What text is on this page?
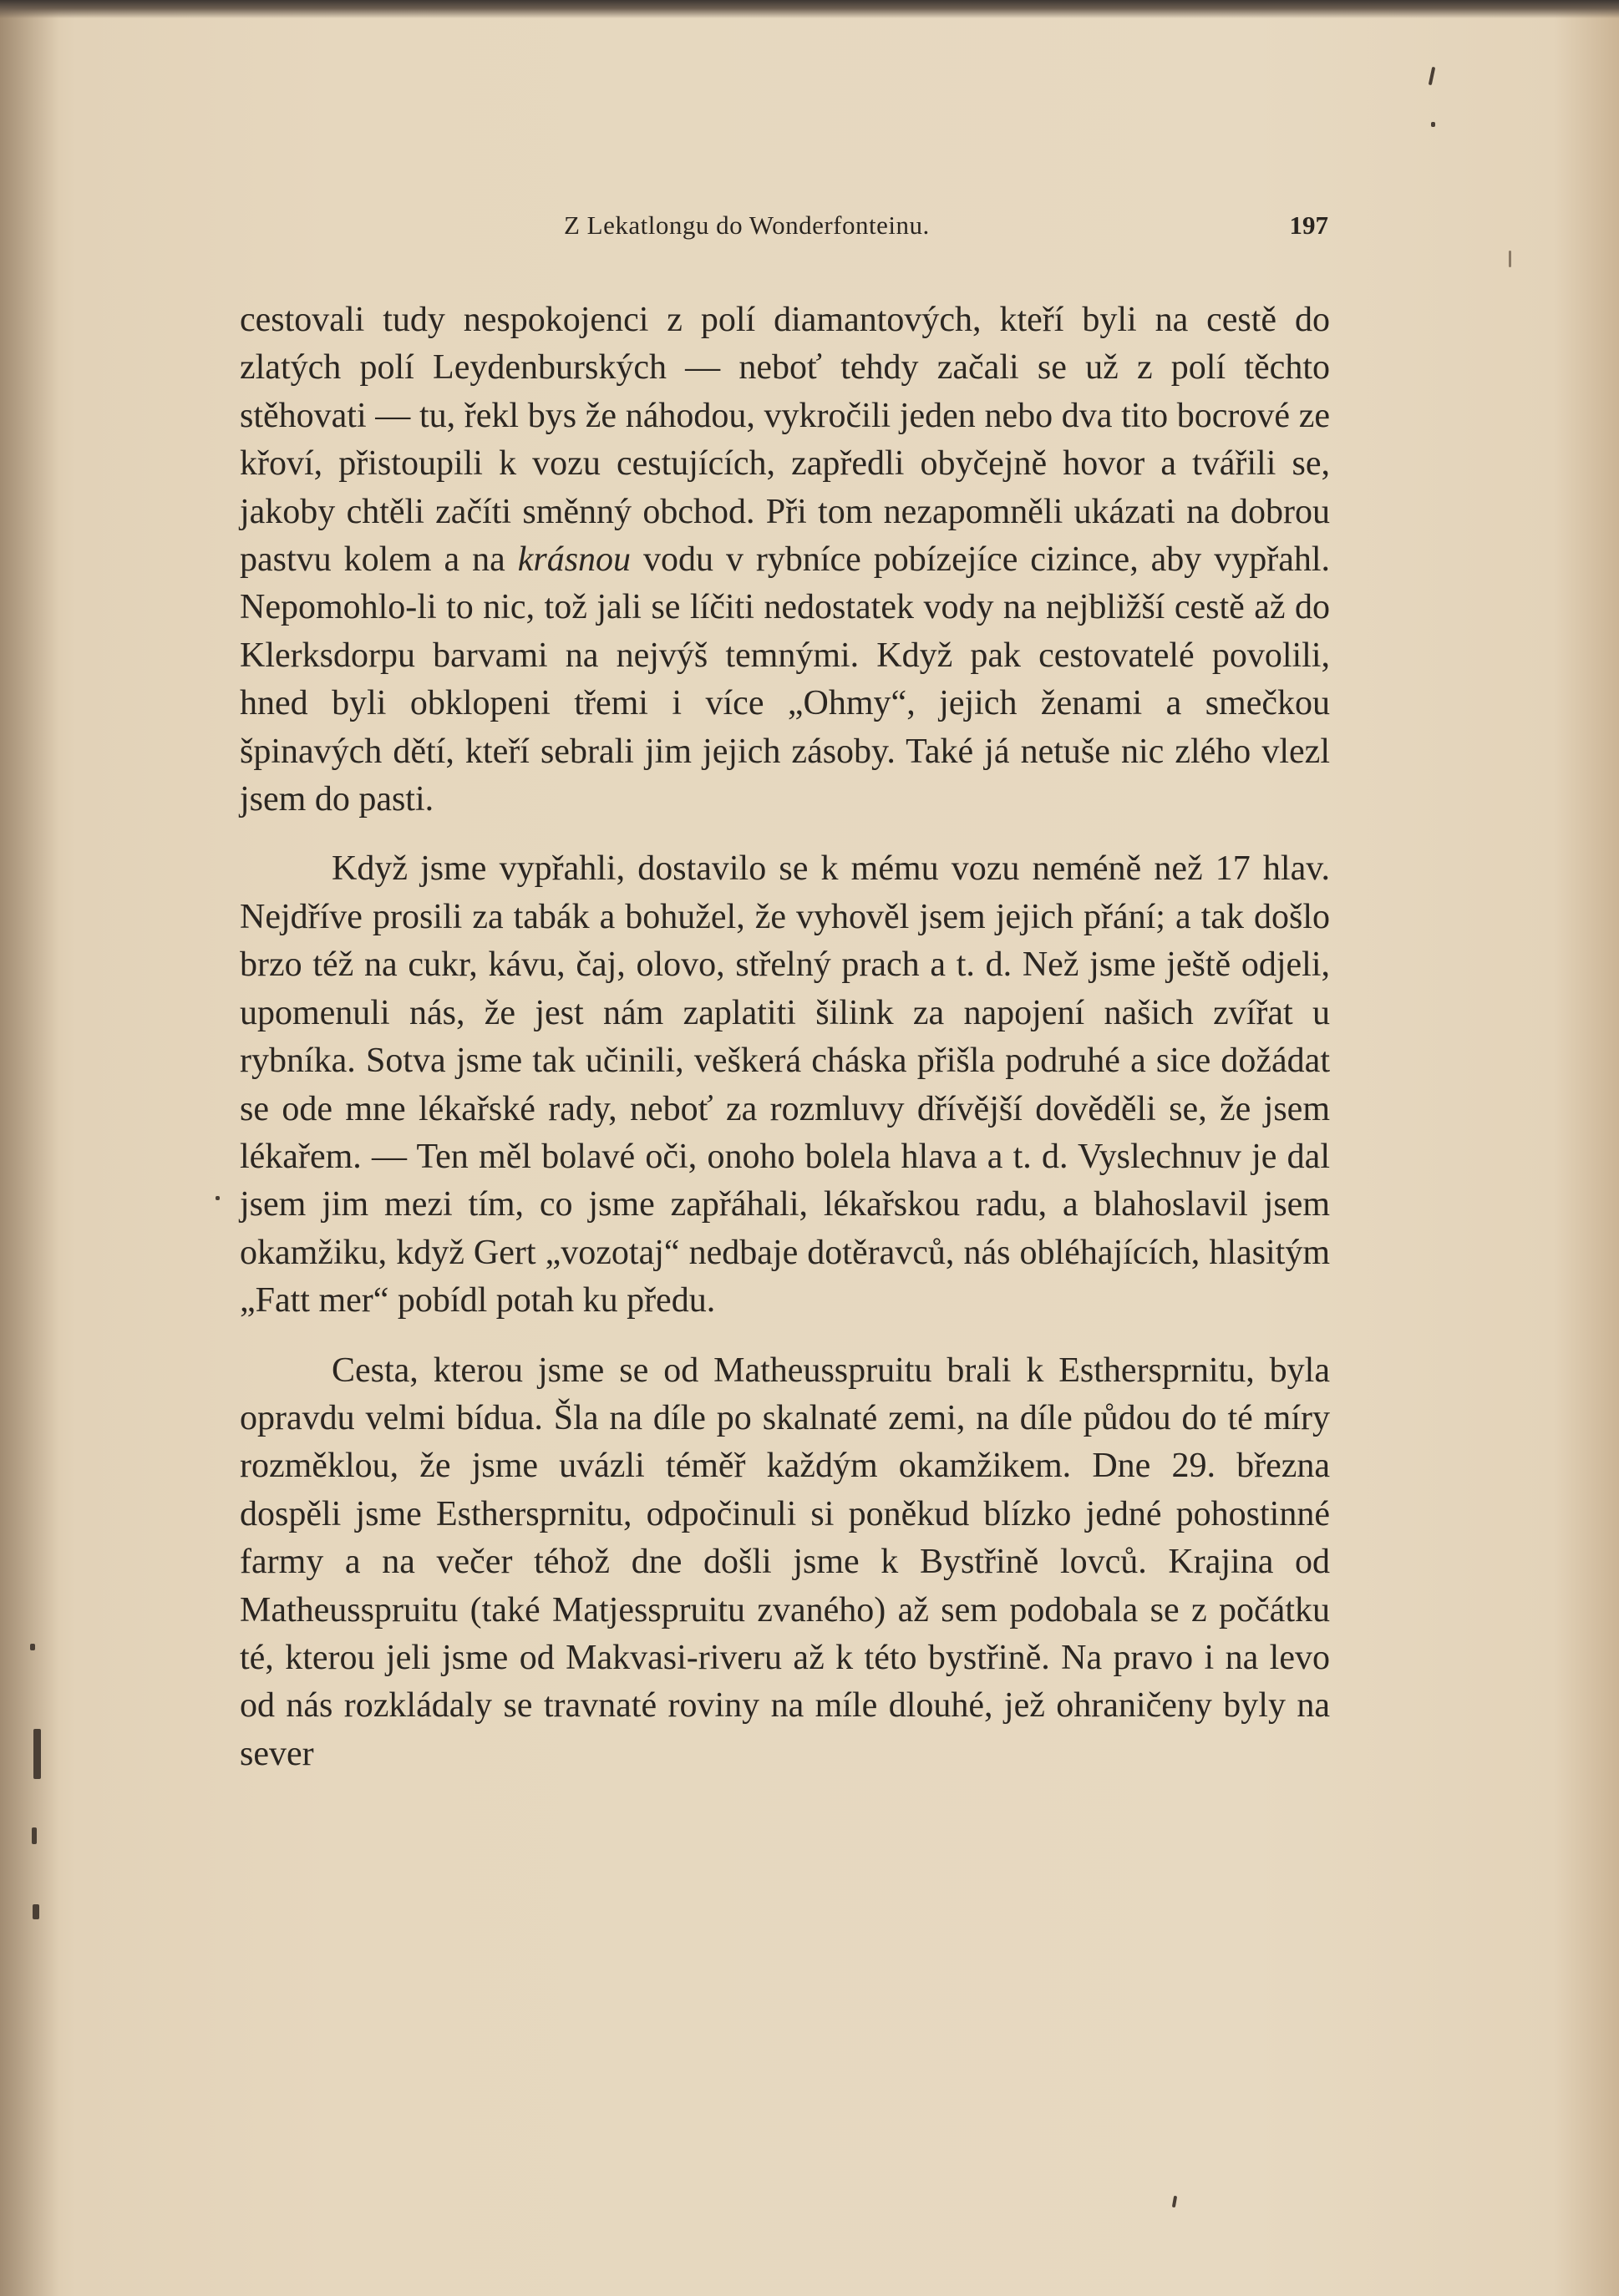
Z Lekatlongu do Wonderfonteinu.	197

cestovali tudy nespokojenci z polí diamantových, kteří byli na cestě do zlatých polí Leydenburských — neboť tehdy začali se už z polí těchto stěhovati — tu, řekl bys že náhodou, vykročili jeden nebo dva tito bocrové ze křoví, přistoupili k vozu cestujících, zapředli obyčejně hovor a tvářili se, jakoby chtěli začíti směnný obchod. Při tom nezapomněli ukázati na dobrou pastvu kolem a na krásnou vodu v rybníce pobízejíce cizince, aby vypřahl. Nepomohlo-li to nic, tož jali se líčiti nedostatek vody na nejbližší cestě až do Klerksdorpu barvami na nejvýš temnými. Když pak cestovatelé povolili, hned byli obklopeni třemi i více „Ohmy“, jejich ženami a smečkou špinavých dětí, kteří sebrali jim jejich zásoby. Také já netuše nic zlého vlezl jsem do pasti.

Když jsme vypřahli, dostavilo se k mému vozu neméně než 17 hlav. Nejdříve prosili za tabák a bohužel, že vyhověl jsem jejich přání; a tak došlo brzo též na cukr, kávu, čaj, olovo, střelný prach a t. d. Než jsme ještě odjeli, upomenuli nás, že jest nám zaplatiti šilink za napojení našich zvířat u rybníka. Sotva jsme tak učinili, veškerá cháska přišla podruhé a sice dožádat se ode mne lékařské rady, neboť za rozmluvy dřívější dověděli se, že jsem lékařem. — Ten měl bolavé oči, onoho bolela hlava a t. d. Vyslechnuv je dal jsem jim mezi tím, co jsme zapřáhali, lékařskou radu, a blahoslavil jsem okamžiku, když Gert „vozotaj“ nedbaje dotěravců, nás obléhajících, hlasitým „Fatt mer“ pobídl potah ku předu.

Cesta, kterou jsme se od Matheusspruitu brali k Esthersprnitu, byla opravdu velmi bídua. Šla na díle po skalnaté zemi, na díle půdou do té míry rozměklou, že jsme uvázli téměř každým okamžikem. Dne 29. března dospěli jsme Esthersprnitu, odpočinuli si poněkud blízko jedné pohostinné farmy a na večer téhož dne došli jsme k Bystřině lovců. Krajina od Matheusspruitu (také Matjesspruitu zvaného) až sem podobala se z počátku té, kterou jeli jsme od Makvasi-riveru až k této bystřině. Na pravo i na levo od nás rozkládaly se travnaté roviny na míle dlouhé, jež ohraničeny byly na sever
